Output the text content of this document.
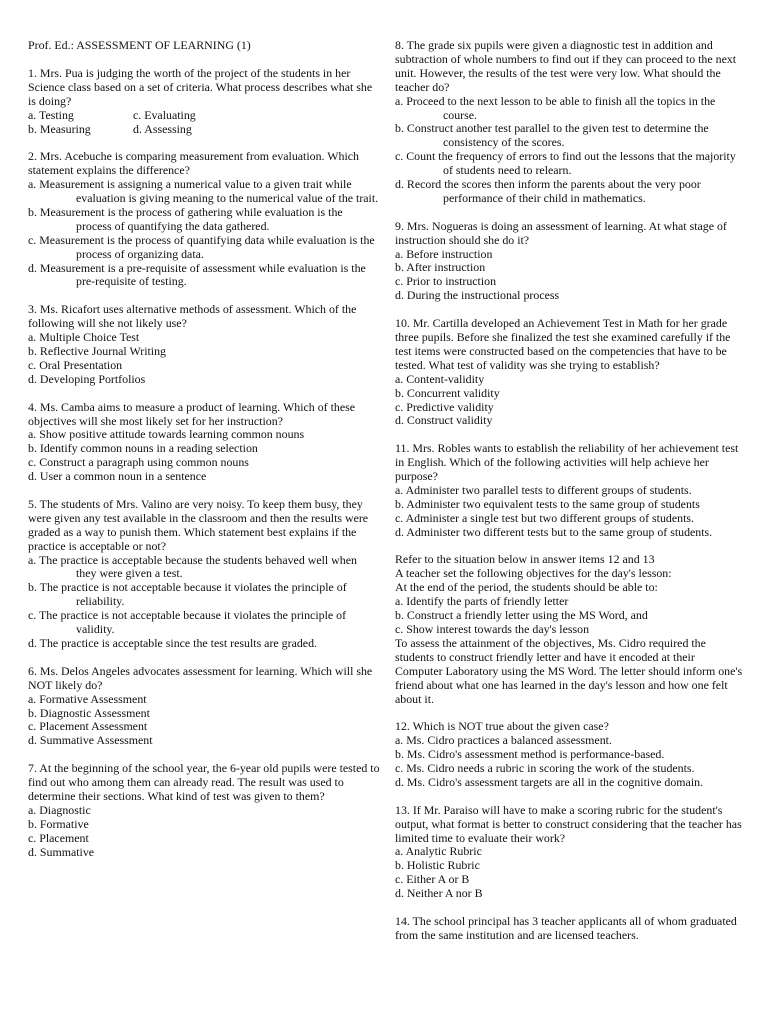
Prof. Ed.: ASSESSMENT OF LEARNING (1)
1. Mrs. Pua is judging the worth of the project of the students in her Science class based on a set of criteria. What process describes what she is doing?
a. Testing	c. Evaluating
b. Measuring	d. Assessing
2. Mrs. Acebuche is comparing measurement from evaluation. Which statement explains the difference?
a. Measurement is assigning a numerical value to a given trait while evaluation is giving meaning to the numerical value of the trait.
b. Measurement is the process of gathering while evaluation is the process of quantifying the data gathered.
c. Measurement is the process of quantifying data while evaluation is the process of organizing data.
d. Measurement is a pre-requisite of assessment while evaluation is the pre-requisite of testing.
3. Ms. Ricafort uses alternative methods of assessment. Which of the following will she not likely use?
a. Multiple Choice Test
b. Reflective Journal Writing
c. Oral Presentation
d. Developing Portfolios
4. Ms. Camba aims to measure a product of learning. Which of these objectives will she most likely set for her instruction?
a. Show positive attitude towards learning common nouns
b. Identify common nouns in a reading selection
c. Construct a paragraph using common nouns
d. User a common noun in a sentence
5. The students of Mrs. Valino are very noisy. To keep them busy, they were given any test available in the classroom and then the results were graded as a way to punish them. Which statement best explains if the practice is acceptable or not?
a. The practice is acceptable because the students behaved well when they were given a test.
b. The practice is not acceptable because it violates the principle of reliability.
c. The practice is not acceptable because it violates the principle of validity.
d. The practice is acceptable since the test results are graded.
6. Ms. Delos Angeles advocates assessment for learning. Which will she NOT likely do?
a. Formative Assessment
b. Diagnostic Assessment
c. Placement Assessment
d. Summative Assessment
7. At the beginning of the school year, the 6-year old pupils were tested to find out who among them can already read. The result was used to determine their sections. What kind of test was given to them?
a. Diagnostic
b. Formative
c. Placement
d. Summative
8. The grade six pupils were given a diagnostic test in addition and subtraction of whole numbers to find out if they can proceed to the next unit. However, the results of the test were very low. What should the teacher do?
a. Proceed to the next lesson to be able to finish all the topics in the course.
b. Construct another test parallel to the given test to determine the consistency of the scores.
c. Count the frequency of errors to find out the lessons that the majority of students need to relearn.
d. Record the scores then inform the parents about the very poor performance of their child in mathematics.
9. Mrs. Nogueras is doing an assessment of learning. At what stage of instruction should she do it?
a. Before instruction
b. After instruction
c. Prior to instruction
d. During the instructional process
10. Mr. Cartilla developed an Achievement Test in Math for her grade three pupils. Before she finalized the test she examined carefully if the test items were constructed based on the competencies that have to be tested. What test of validity was she trying to establish?
a. Content-validity
b. Concurrent validity
c. Predictive validity
d. Construct validity
11. Mrs. Robles wants to establish the reliability of her achievement test in English. Which of the following activities will help achieve her purpose?
a. Administer two parallel tests to different groups of students.
b. Administer two equivalent tests to the same group of students
c. Administer a single test but two different groups of students.
d. Administer two different tests but to the same group of students.
Refer to the situation below in answer items 12 and 13
A teacher set the following objectives for the day's lesson:
At the end of the period, the students should be able to:
a. Identify the parts of friendly letter
b. Construct a friendly letter using the MS Word, and
c. Show interest towards the day's lesson
To assess the attainment of the objectives, Ms. Cidro required the students to construct friendly letter and have it encoded at their Computer Laboratory using the MS Word. The letter should inform one's friend about what one has learned in the day's lesson and how one felt about it.
12. Which is NOT true about the given case?
a. Ms. Cidro practices a balanced assessment.
b. Ms. Cidro's assessment method is performance-based.
c. Ms. Cidro needs a rubric in scoring the work of the students.
d. Ms. Cidro's assessment targets are all in the cognitive domain.
13. If Mr. Paraiso will have to make a scoring rubric for the student's output, what format is better to construct considering that the teacher has limited time to evaluate their work?
a. Analytic Rubric
b. Holistic Rubric
c. Either A or B
d. Neither A nor B
14. The school principal has 3 teacher applicants all of whom graduated from the same institution and are licensed teachers.
